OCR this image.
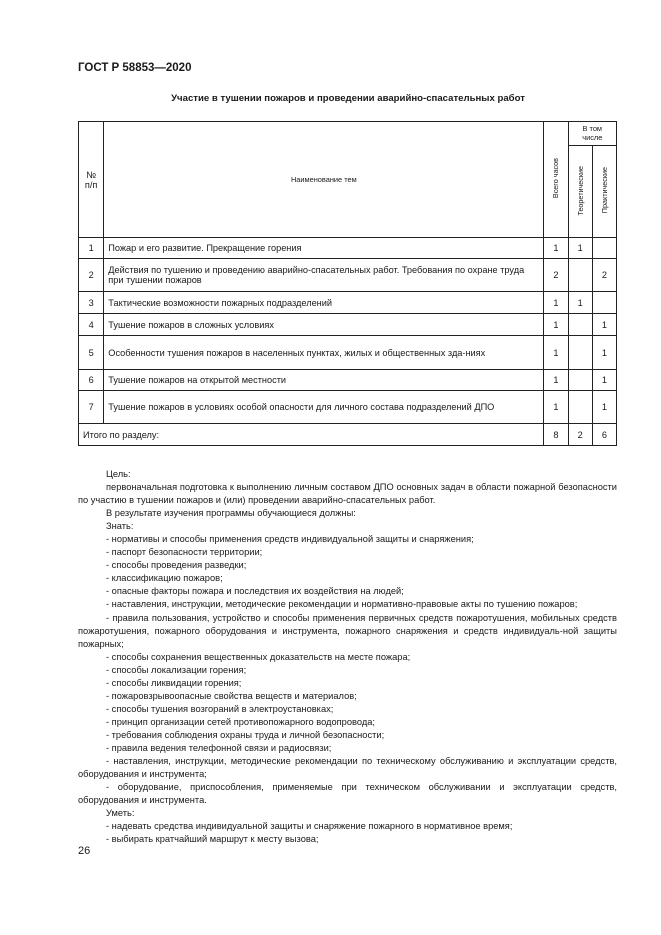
ГОСТ Р 58853—2020
Участие в тушении пожаров и проведении аварийно-спасательных работ
№ п/п	Наименование тем	Всего часов	В том числе	
			Теоретические	Практические
1	Пожар и его развитие. Прекращение горения	1	1	
2	Действия по тушению и проведению аварийно-спасательных работ. Требования по охране труда при тушении пожаров	2		2
3	Тактические возможности пожарных подразделений	1	1	
4	Тушение пожаров в сложных условиях	1		1
5	Особенности тушения пожаров в населенных пунктах, жилых и общественных зда-ниях	1		1
6	Тушение пожаров на открытой местности	1		1
7	Тушение пожаров в условиях особой опасности для личного состава подразделений ДПО	1		1
Итого по разделу:		8	2	6

Цель:

первоначальная подготовка к выполнению личным составом ДПО основных задач в области пожарной безопасности по участию в тушении пожаров и (или) проведении аварийно-спасательных работ.

В результате изучения программы обучающиеся должны:

Знать:

- нормативы и способы применения средств индивидуальной защиты и снаряжения;

- паспорт безопасности территории;

- способы проведения разведки;

- классификацию пожаров;

- опасные факторы пожара и последствия их воздействия на людей;

- наставления, инструкции, методические рекомендации и нормативно-правовые акты по тушению пожаров;

- правила пользования, устройство и способы применения первичных средств пожаротушения, мобильных средств пожаротушения, пожарного оборудования и инструмента, пожарного снаряжения и средств индивидуаль-ной защиты пожарных;

- способы сохранения вещественных доказательств на месте пожара;

- способы локализации горения;

- способы ликвидации горения;

- пожаровзрывоопасные свойства веществ и материалов;

- способы тушения возгораний в электроустановках;

- принцип организации сетей противопожарного водопровода;

- требования соблюдения охраны труда и личной безопасности;

- правила ведения телефонной связи и радиосвязи;

- наставления, инструкции, методические рекомендации по техническому обслуживанию и эксплуатации средств, оборудования и инструмента;

- оборудование, приспособления, применяемые при техническом обслуживании и эксплуатации средств, оборудования и инструмента.

Уметь:

- надевать средства индивидуальной защиты и снаряжение пожарного в нормативное время;

- выбирать кратчайший маршрут к месту вызова;

26
